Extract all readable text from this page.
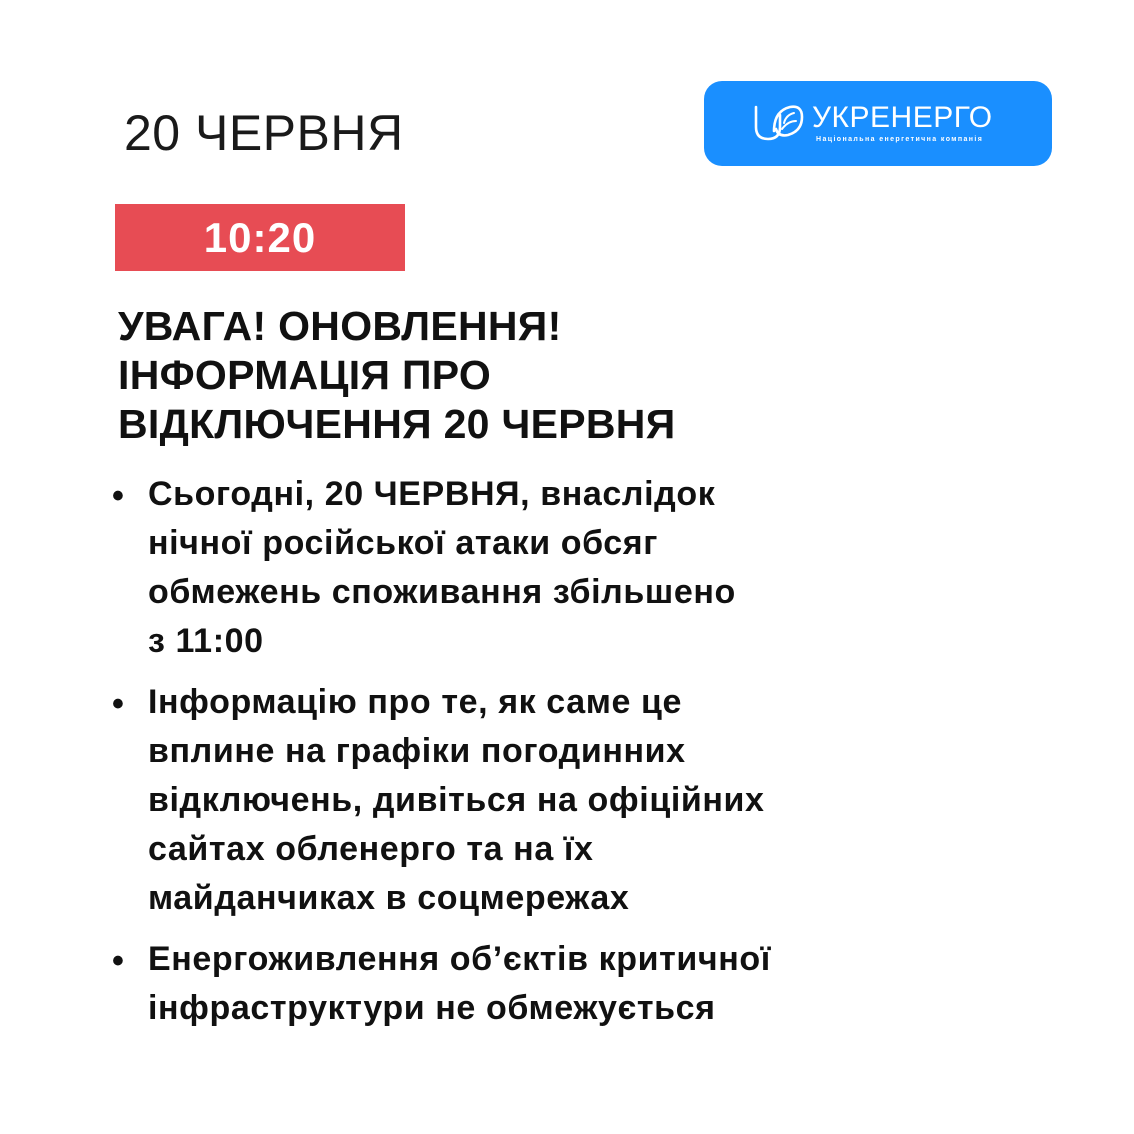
20 ЧЕРВНЯ	УКРЕНЕРГО
Національна енергетична компанія
10:20
УВАГА! ОНОВЛЕННЯ!
ІНФОРМАЦІЯ ПРО
ВІДКЛЮЧЕННЯ 20 ЧЕРВНЯ
• Сьогодні, 20 ЧЕРВНЯ, внаслідок
нічної російської атаки обсяг
обмежень споживання збільшено
з 11:00
• Інформацію про те, як саме це
вплине на графіки погодинних
відключень, дивіться на офіційних
сайтах обленерго та на їх
майданчиках в соцмережах
• Енергоживлення об’єктів критичної
інфраструктури не обмежується
